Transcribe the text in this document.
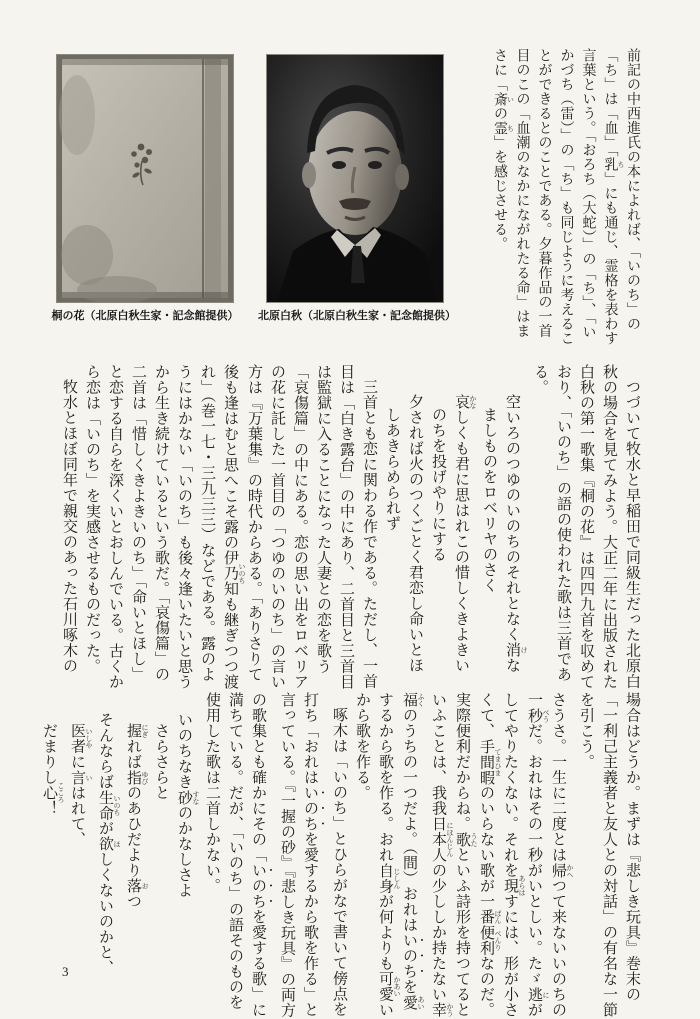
桐の花（北原白秋生家・記念館提供）	北原白秋（北原白秋生家・記念館提供）	前記の中西進氏の本によれば、「いのち」の「ち」は「血」「乳 ち」にも通じ、霊格を表わす言葉という。「おろち（大蛇）」の「ち」、「いかづち（雷）」の「ち」も同じように考えることができるとのことである。夕暮作品の一首目のこの「血潮のなかにながれたる命」はまさに「斎 いの霊 ち」を感じさせる。

つづいて牧水と早稲田で同級生だった北原白秋の場合を見てみよう。大正二年に出版された白秋の第一歌集『桐の花』は四四九首を収めており、「いのち」の語の使われた歌は三首である。

空いろのつゆのいのちのそれとなく消 けな

ましものをロベリヤのさく

哀 かなしくも君に思はれこの惜しくきよきい

のちを投げやりにする

夕されば火のつくごとく君恋し命いとほ

しあきらめられず

三首とも恋に関わる作である。ただし、一首目は「白き露台」の中にあり、二首目と三首目は監獄に入ることになった人妻との恋を歌う「哀傷篇」の中にある。恋の思い出をロベリアの花に託した一首目の「つゆのいのち」の言い方は『万葉集』の時代からある。「ありさりて後も逢はむと思へこそ露の伊乃知 いのちも継ぎつつ渡れ」（巻一七・三九三三）などである。露のようにはかない「いのち」も後々逢いたいと思うから生き続けているという歌だ。「哀傷篇」の二首は「惜しくきよきいのち」「命いとほし」と恋する自らを深くいとおしんでいる。古くから恋は「いのち」を実感させるものだった。

牧水とほぼ同年で親交のあった石川啄木の

場合はどうか。まずは『悲しき玩具』巻末の「一利己主義者と友人との対話」の有名な一節を引こう。

さうさ。一生に二度とは帰 かへつて来ないいのちの一秒 べうだ。おれはその一秒がいとしい。たゞ逃 にがしてやりたくない。それを現 あらはすには、形が小さくて、手間暇 てまひまのいらない歌が一番 ばん便利 べんりなのだ。実際便利だからね。歌 うたといふ詩形を持つてるといふことは、我我日本人 にほんじんの少ししか持たない幸 かう福 ふくのうちの一つだよ。（間）おれはいのちを愛 あいするから歌を作る。おれ自身 じしんが何よりも可愛 かあいいから歌を作る。

啄木は「いのち」とひらがなで書いて傍点を打ち「おれはいのちを愛するから歌を作る」と言っている。『一握の砂』『悲しき玩具』の両方の歌集とも確かにその「いのちを愛する歌」に満ちている。だが、「いのち」の語そのものを使用した歌は二首しかない。

いのちなき砂 すなのかなしさよ

さらさらと

握 にぎれば指 ゆびのあひだより落 おつ

そんならば生命 いのちが欲 ほしくないのかと、

医者 いしやに言 いはれて、

だまりし心 こころ！

3
